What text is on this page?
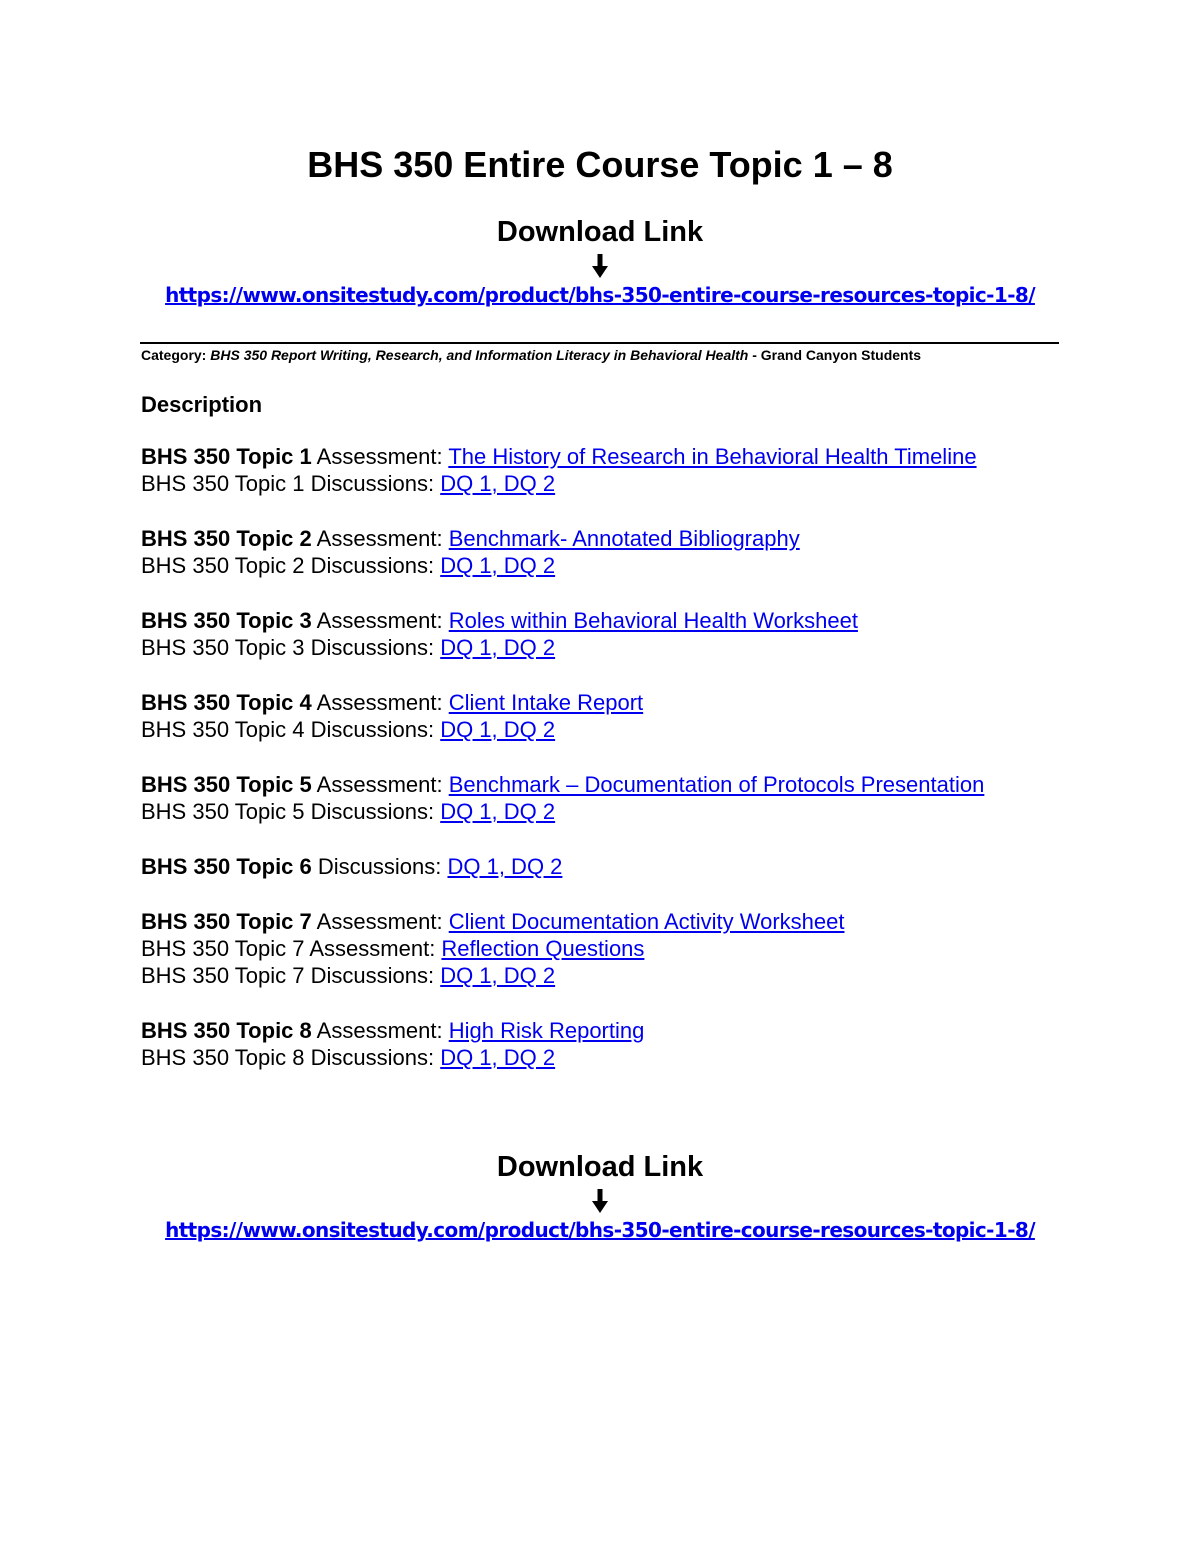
BHS 350 Entire Course Topic 1 – 8
Download Link
https://www.onsitestudy.com/product/bhs-350-entire-course-resources-topic-1-8/
Category: BHS 350 Report Writing, Research, and Information Literacy in Behavioral Health - Grand Canyon Students
Description
BHS 350 Topic 1 Assessment: The History of Research in Behavioral Health Timeline
BHS 350 Topic 1 Discussions: DQ 1, DQ 2
BHS 350 Topic 2 Assessment: Benchmark- Annotated Bibliography
BHS 350 Topic 2 Discussions: DQ 1, DQ 2
BHS 350 Topic 3 Assessment: Roles within Behavioral Health Worksheet
BHS 350 Topic 3 Discussions: DQ 1, DQ 2
BHS 350 Topic 4 Assessment: Client Intake Report
BHS 350 Topic 4 Discussions: DQ 1, DQ 2
BHS 350 Topic 5 Assessment: Benchmark – Documentation of Protocols Presentation
BHS 350 Topic 5 Discussions: DQ 1, DQ 2
BHS 350 Topic 6 Discussions: DQ 1, DQ 2
BHS 350 Topic 7 Assessment: Client Documentation Activity Worksheet
BHS 350 Topic 7 Assessment: Reflection Questions
BHS 350 Topic 7 Discussions: DQ 1, DQ 2
BHS 350 Topic 8 Assessment: High Risk Reporting
BHS 350 Topic 8 Discussions: DQ 1, DQ 2
Download Link
https://www.onsitestudy.com/product/bhs-350-entire-course-resources-topic-1-8/
